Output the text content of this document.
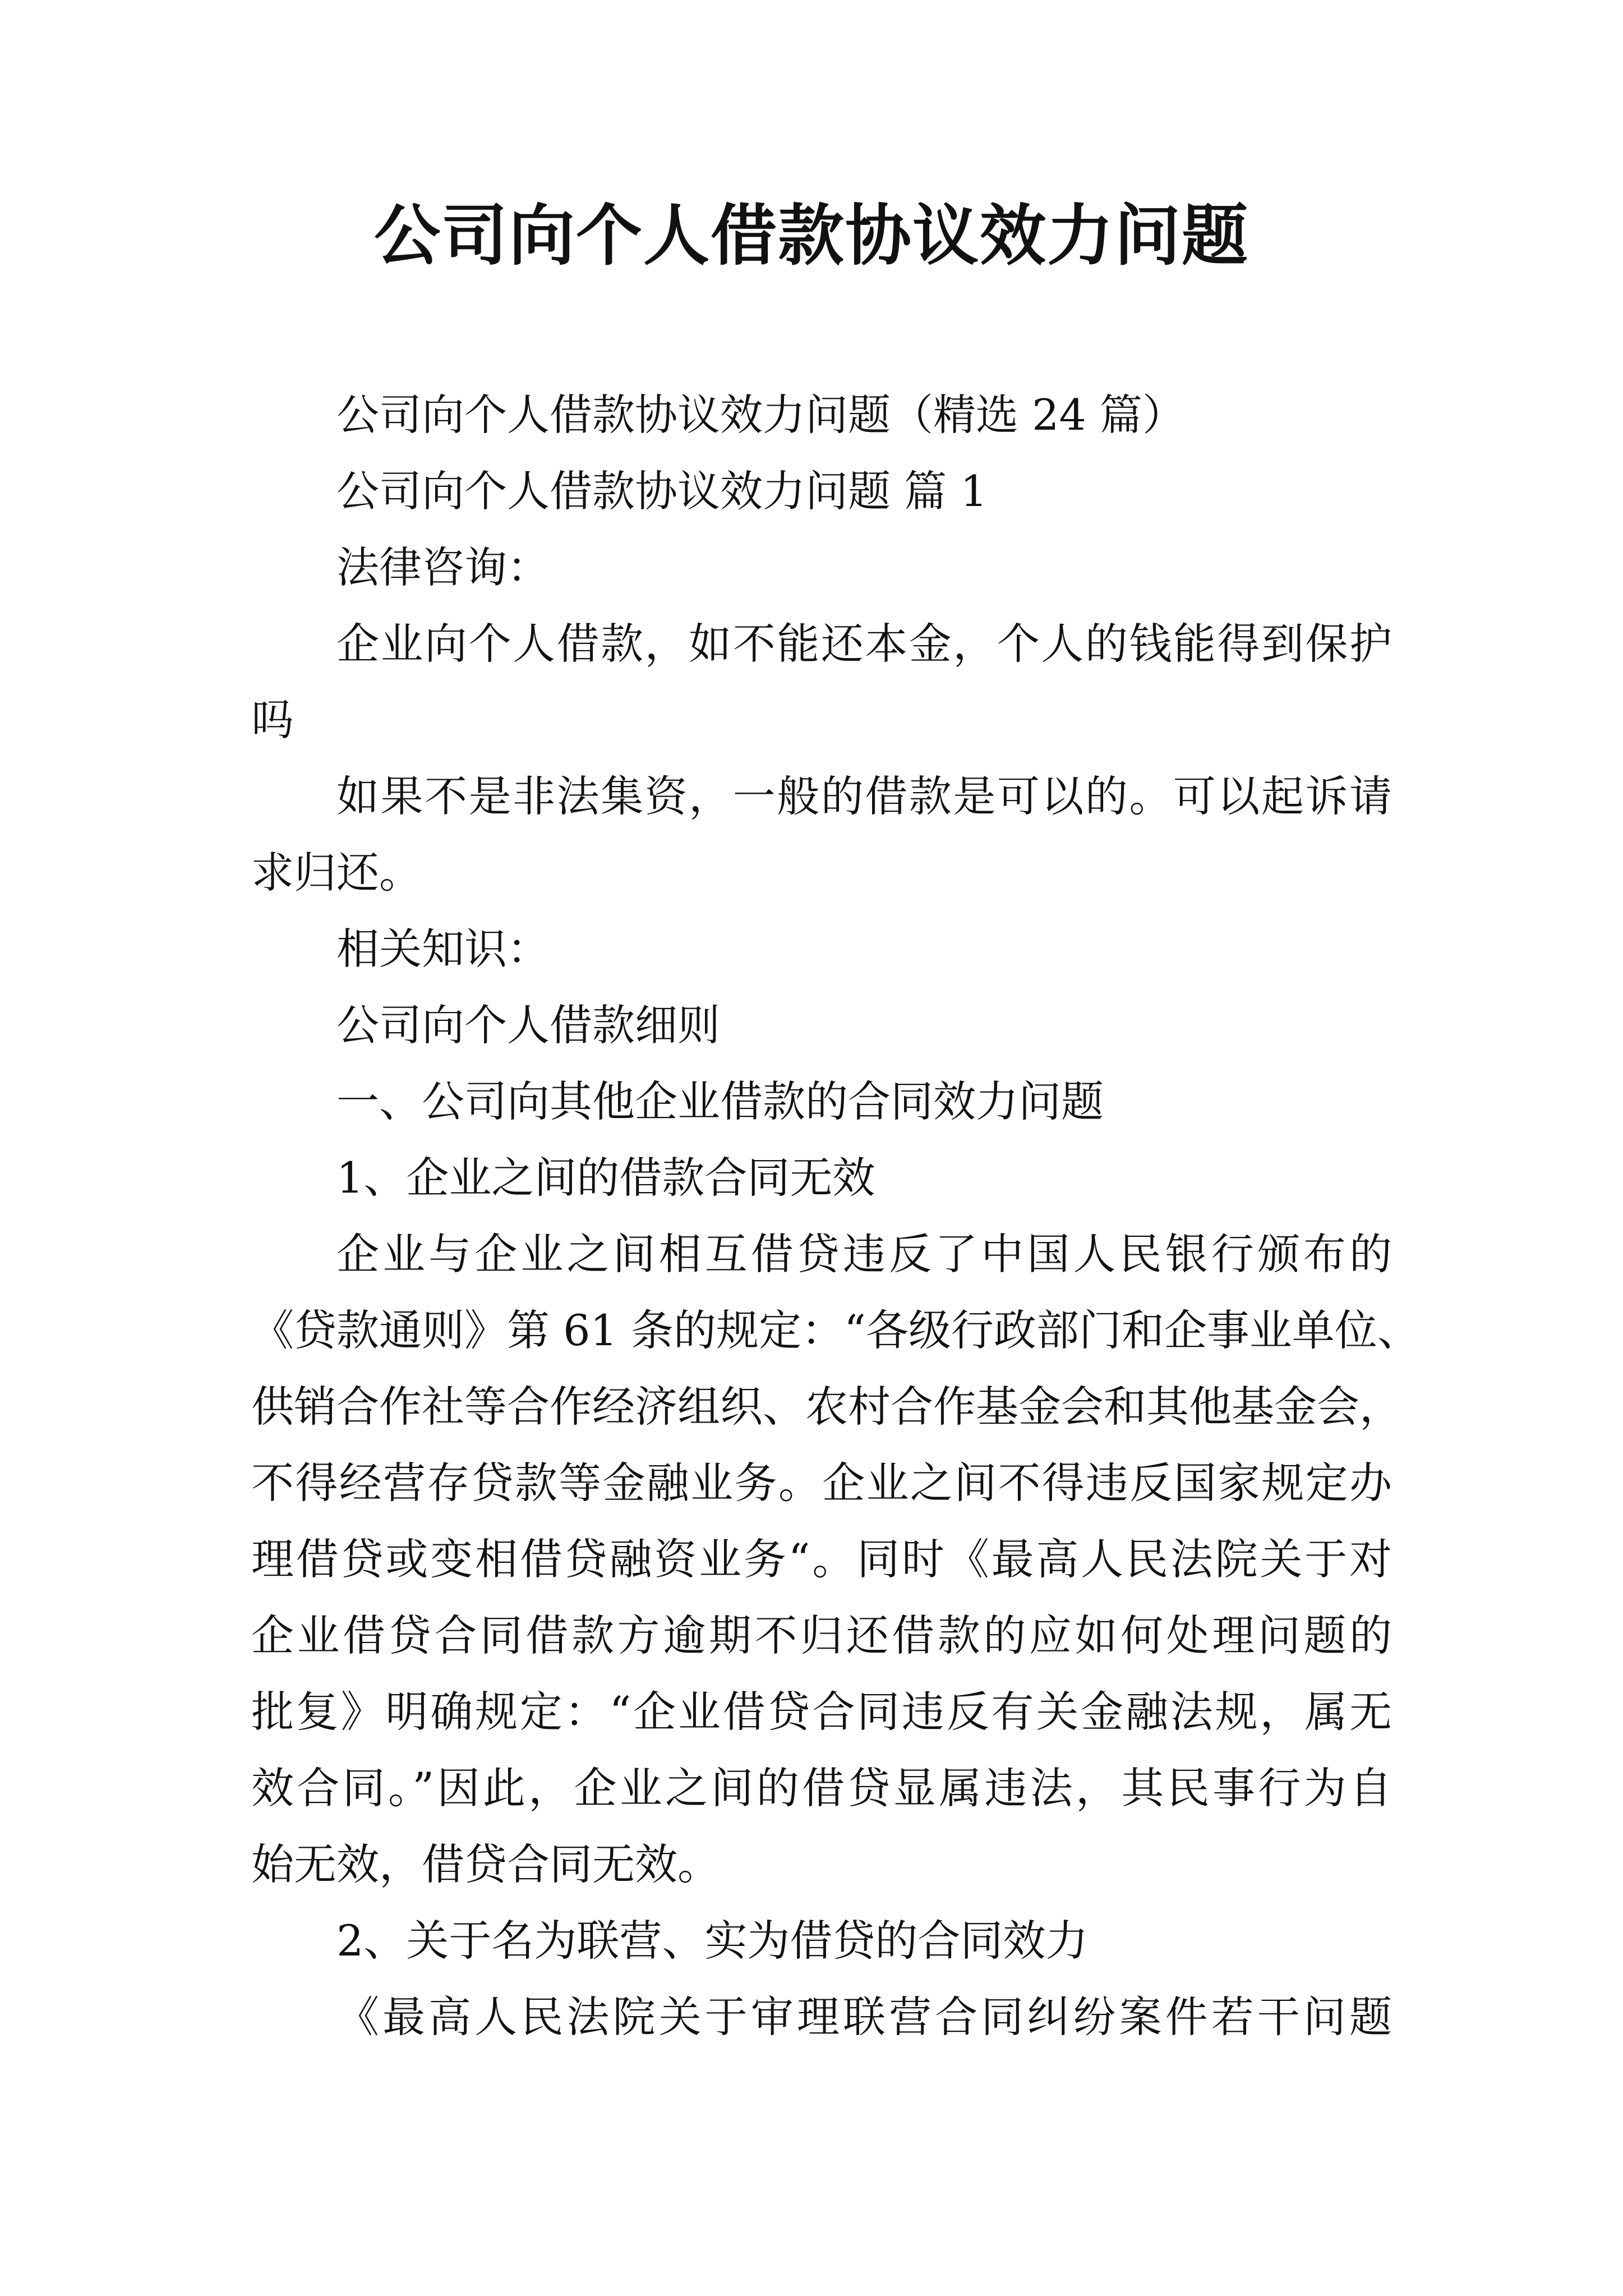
公司向个人借款协议效力问题

公司向个人借款协议效力问题（精选 24 篇）

公司向个人借款协议效力问题 篇 1

法律咨询：

企业向个人借款，如不能还本金，个人的钱能得到保护

吗

如果不是非法集资，一般的借款是可以的。可以起诉请

求归还。

相关知识：

公司向个人借款细则

一、公司向其他企业借款的合同效力问题

1、企业之间的借款合同无效

企业与企业之间相互借贷违反了中国人民银行颁布的

《贷款通则》第 61 条的规定：“各级行政部门和企事业单位、

供销合作社等合作经济组织、农村合作基金会和其他基金会，

不得经营存贷款等金融业务。企业之间不得违反国家规定办

理借贷或变相借贷融资业务“。同时《最高人民法院关于对

企业借贷合同借款方逾期不归还借款的应如何处理问题的

批复》明确规定：“企业借贷合同违反有关金融法规，属无

效合同。”因此，企业之间的借贷显属违法，其民事行为自

始无效，借贷合同无效。

2、关于名为联营、实为借贷的合同效力

《最高人民法院关于审理联营合同纠纷案件若干问题
